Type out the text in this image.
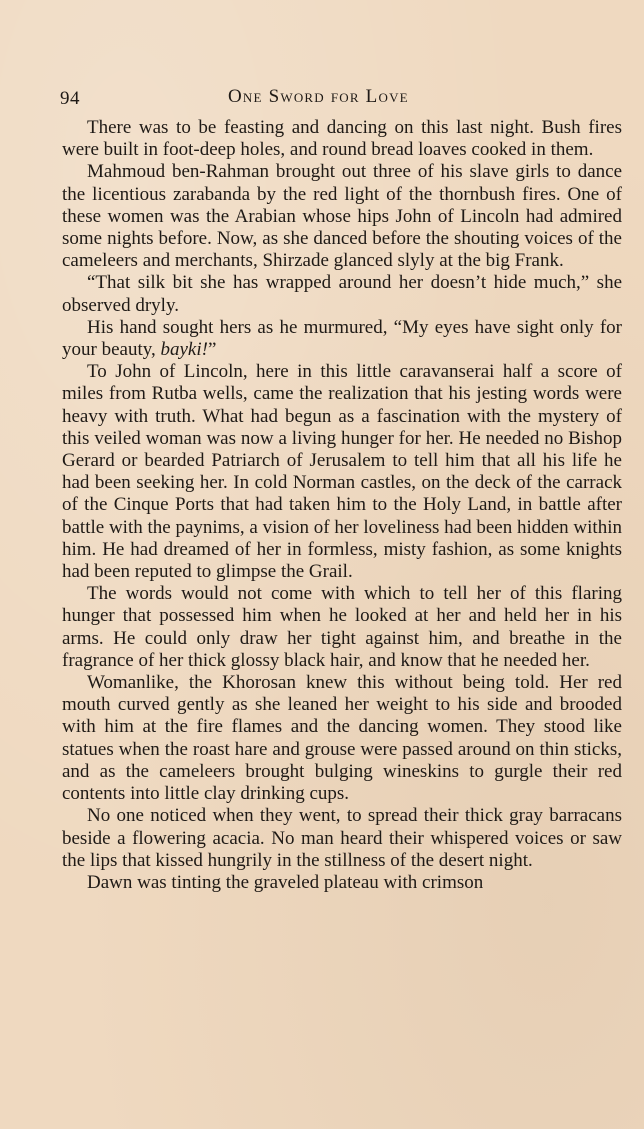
94	One Sword for Love

There was to be feasting and dancing on this last night. Bush fires were built in foot-deep holes, and round bread loaves cooked in them.

Mahmoud ben-Rahman brought out three of his slave girls to dance the licentious zarabanda by the red light of the thornbush fires. One of these women was the Arabian whose hips John of Lincoln had admired some nights before. Now, as she danced before the shouting voices of the cameleers and merchants, Shirzade glanced slyly at the big Frank.

“That silk bit she has wrapped around her doesn’t hide much,” she observed dryly.

His hand sought hers as he murmured, “My eyes have sight only for your beauty, bayki!”

To John of Lincoln, here in this little caravanserai half a score of miles from Rutba wells, came the realization that his jesting words were heavy with truth. What had begun as a fascination with the mystery of this veiled woman was now a living hunger for her. He needed no Bishop Gerard or bearded Patriarch of Jerusalem to tell him that all his life he had been seeking her. In cold Norman castles, on the deck of the carrack of the Cinque Ports that had taken him to the Holy Land, in battle after battle with the paynims, a vision of her loveliness had been hidden within him. He had dreamed of her in formless, misty fashion, as some knights had been reputed to glimpse the Grail.

The words would not come with which to tell her of this flaring hunger that possessed him when he looked at her and held her in his arms. He could only draw her tight against him, and breathe in the fragrance of her thick glossy black hair, and know that he needed her.

Womanlike, the Khorosan knew this without being told. Her red mouth curved gently as she leaned her weight to his side and brooded with him at the fire flames and the dancing women. They stood like statues when the roast hare and grouse were passed around on thin sticks, and as the cameleers brought bulging wineskins to gurgle their red contents into little clay drinking cups.

No one noticed when they went, to spread their thick gray barracans beside a flowering acacia. No man heard their whispered voices or saw the lips that kissed hungrily in the stillness of the desert night.

Dawn was tinting the graveled plateau with crimson
